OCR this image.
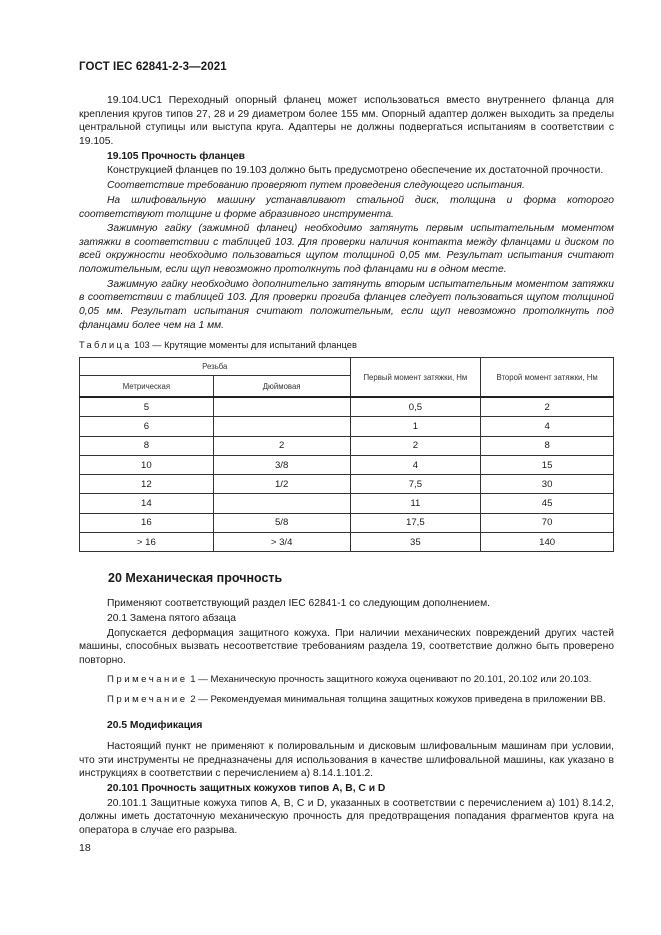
ГОСТ IEC 62841-2-3—2021

19.104.UC1 Переходный опорный фланец может использоваться вместо внутреннего фланца для крепления кругов типов 27, 28 и 29 диаметром более 155 мм. Опорный адаптер должен выходить за пределы центральной ступицы или выступа круга. Адаптеры не должны подвергаться испытаниям в соответствии с 19.105.

19.105 Прочность фланцев

Конструкцией фланцев по 19.103 должно быть предусмотрено обеспечение их достаточной прочности.

Соответствие требованию проверяют путем проведения следующего испытания.

На шлифовальную машину устанавливают стальной диск, толщина и форма которого соответствуют толщине и форме абразивного инструмента.

Зажимную гайку (зажимной фланец) необходимо затянуть первым испытательным моментом затяжки в соответствии с таблицей 103. Для проверки наличия контакта между фланцами и диском по всей окружности необходимо пользоваться щупом толщиной 0,05 мм. Результат испытания считают положительным, если щуп невозможно протолкнуть под фланцами ни в одном месте.

Зажимную гайку необходимо дополнительно затянуть вторым испытательным моментом затяжки в соответствии с таблицей 103. Для проверки прогиба фланцев следует пользоваться щупом толщиной 0,05 мм. Результат испытания считают положительным, если щуп невозможно протолкнуть под фланцами более чем на 1 мм.

Таблица 103 — Крутящие моменты для испытаний фланцев
Резьба		Первый момент затяжки, Нм	Второй момент затяжки, Нм
Метрическая	Дюймовая		
5		0,5	2
6		1	4
8	2	2	8
10	3/8	4	15
12	1/2	7,5	30
14		11	45
16	5/8	17,5	70
> 16	> 3/4	35	140
20 Механическая прочность

Применяют соответствующий раздел IEC 62841-1 со следующим дополнением.

20.1 Замена пятого абзаца

Допускается деформация защитного кожуха. При наличии механических повреждений других частей машины, способных вызвать несоответствие требованиям раздела 19, соответствие должно быть проверено повторно.

Примечание 1 — Механическую прочность защитного кожуха оценивают по 20.101, 20.102 или 20.103.

Примечание 2 — Рекомендуемая минимальная толщина защитных кожухов приведена в приложении ВВ.

20.5 Модификация

Настоящий пункт не применяют к полировальным и дисковым шлифовальным машинам при условии, что эти инструменты не предназначены для использования в качестве шлифовальной машины, как указано в инструкциях в соответствии с перечислением а) 8.14.1.101.2.

20.101 Прочность защитных кожухов типов А, В, С и D

20.101.1 Защитные кожуха типов А, В, С и D, указанных в соответствии с перечислением а) 101) 8.14.2, должны иметь достаточную механическую прочность для предотвращения попадания фрагментов круга на оператора в случае его разрыва.

18
